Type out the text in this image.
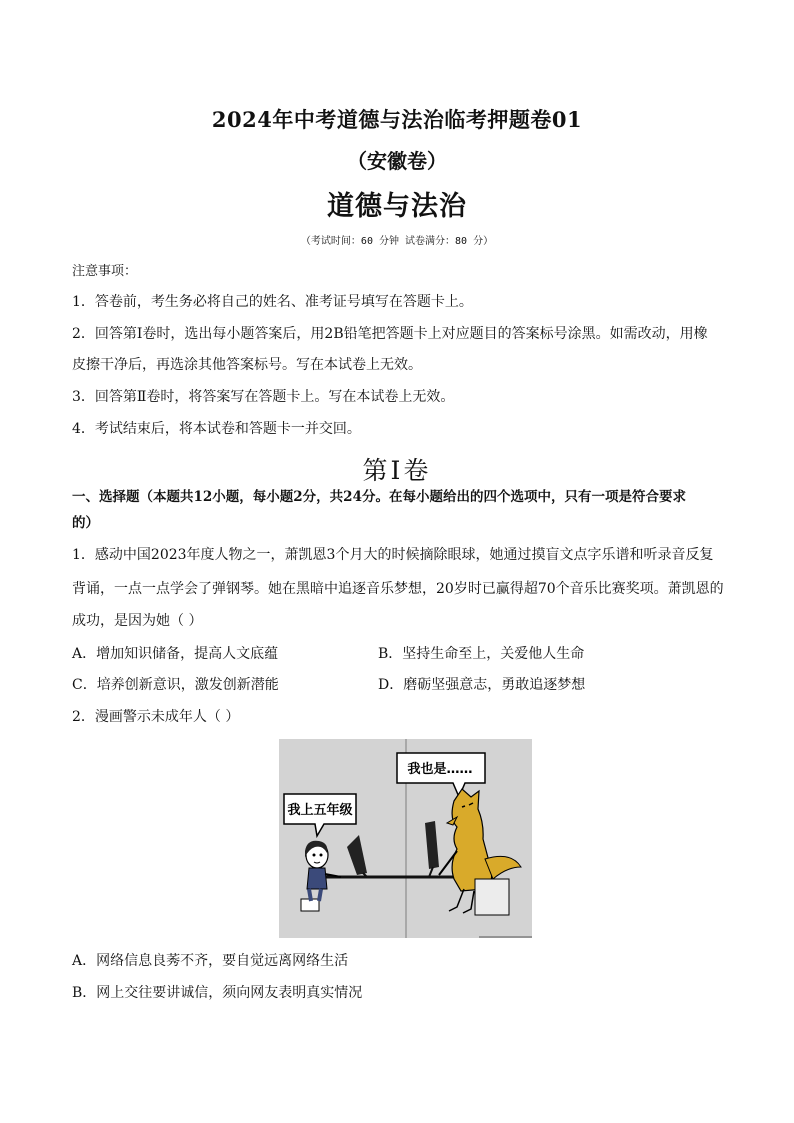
2024年中考道德与法治临考押题卷01
（安徽卷）
道德与法治
（考试时间：60 分钟 试卷满分：80 分）
注意事项：
1．答卷前，考生务必将自己的姓名、准考证号填写在答题卡上。
2．回答第Ⅰ卷时，选出每小题答案后，用2B铅笔把答题卡上对应题目的答案标号涂黑。如需改动，用橡
皮擦干净后，再选涂其他答案标号。写在本试卷上无效。
3．回答第Ⅱ卷时，将答案写在答题卡上。写在本试卷上无效。
4．考试结束后，将本试卷和答题卡一并交回。
第Ⅰ卷
一、选择题（本题共12小题，每小题2分，共24分。在每小题给出的四个选项中，只有一项是符合要求
的）
1．感动中国2023年度人物之一，萧凯恩3个月大的时候摘除眼球，她通过摸盲文点字乐谱和听录音反复
背诵，一点一点学会了弹钢琴。她在黑暗中追逐音乐梦想，20岁时已赢得超70个音乐比赛奖项。萧凯恩的
成功，是因为她（ ）
A．增加知识储备，提高人文底蕴	B．坚持生命至上，关爱他人生命
C．培养创新意识，激发创新潜能	D．磨砺坚强意志，勇敢追逐梦想
2．漫画警示未成年人（ ）
我上五年级
我也是……
A．网络信息良莠不齐，要自觉远离网络生活
B．网上交往要讲诚信，须向网友表明真实情况
